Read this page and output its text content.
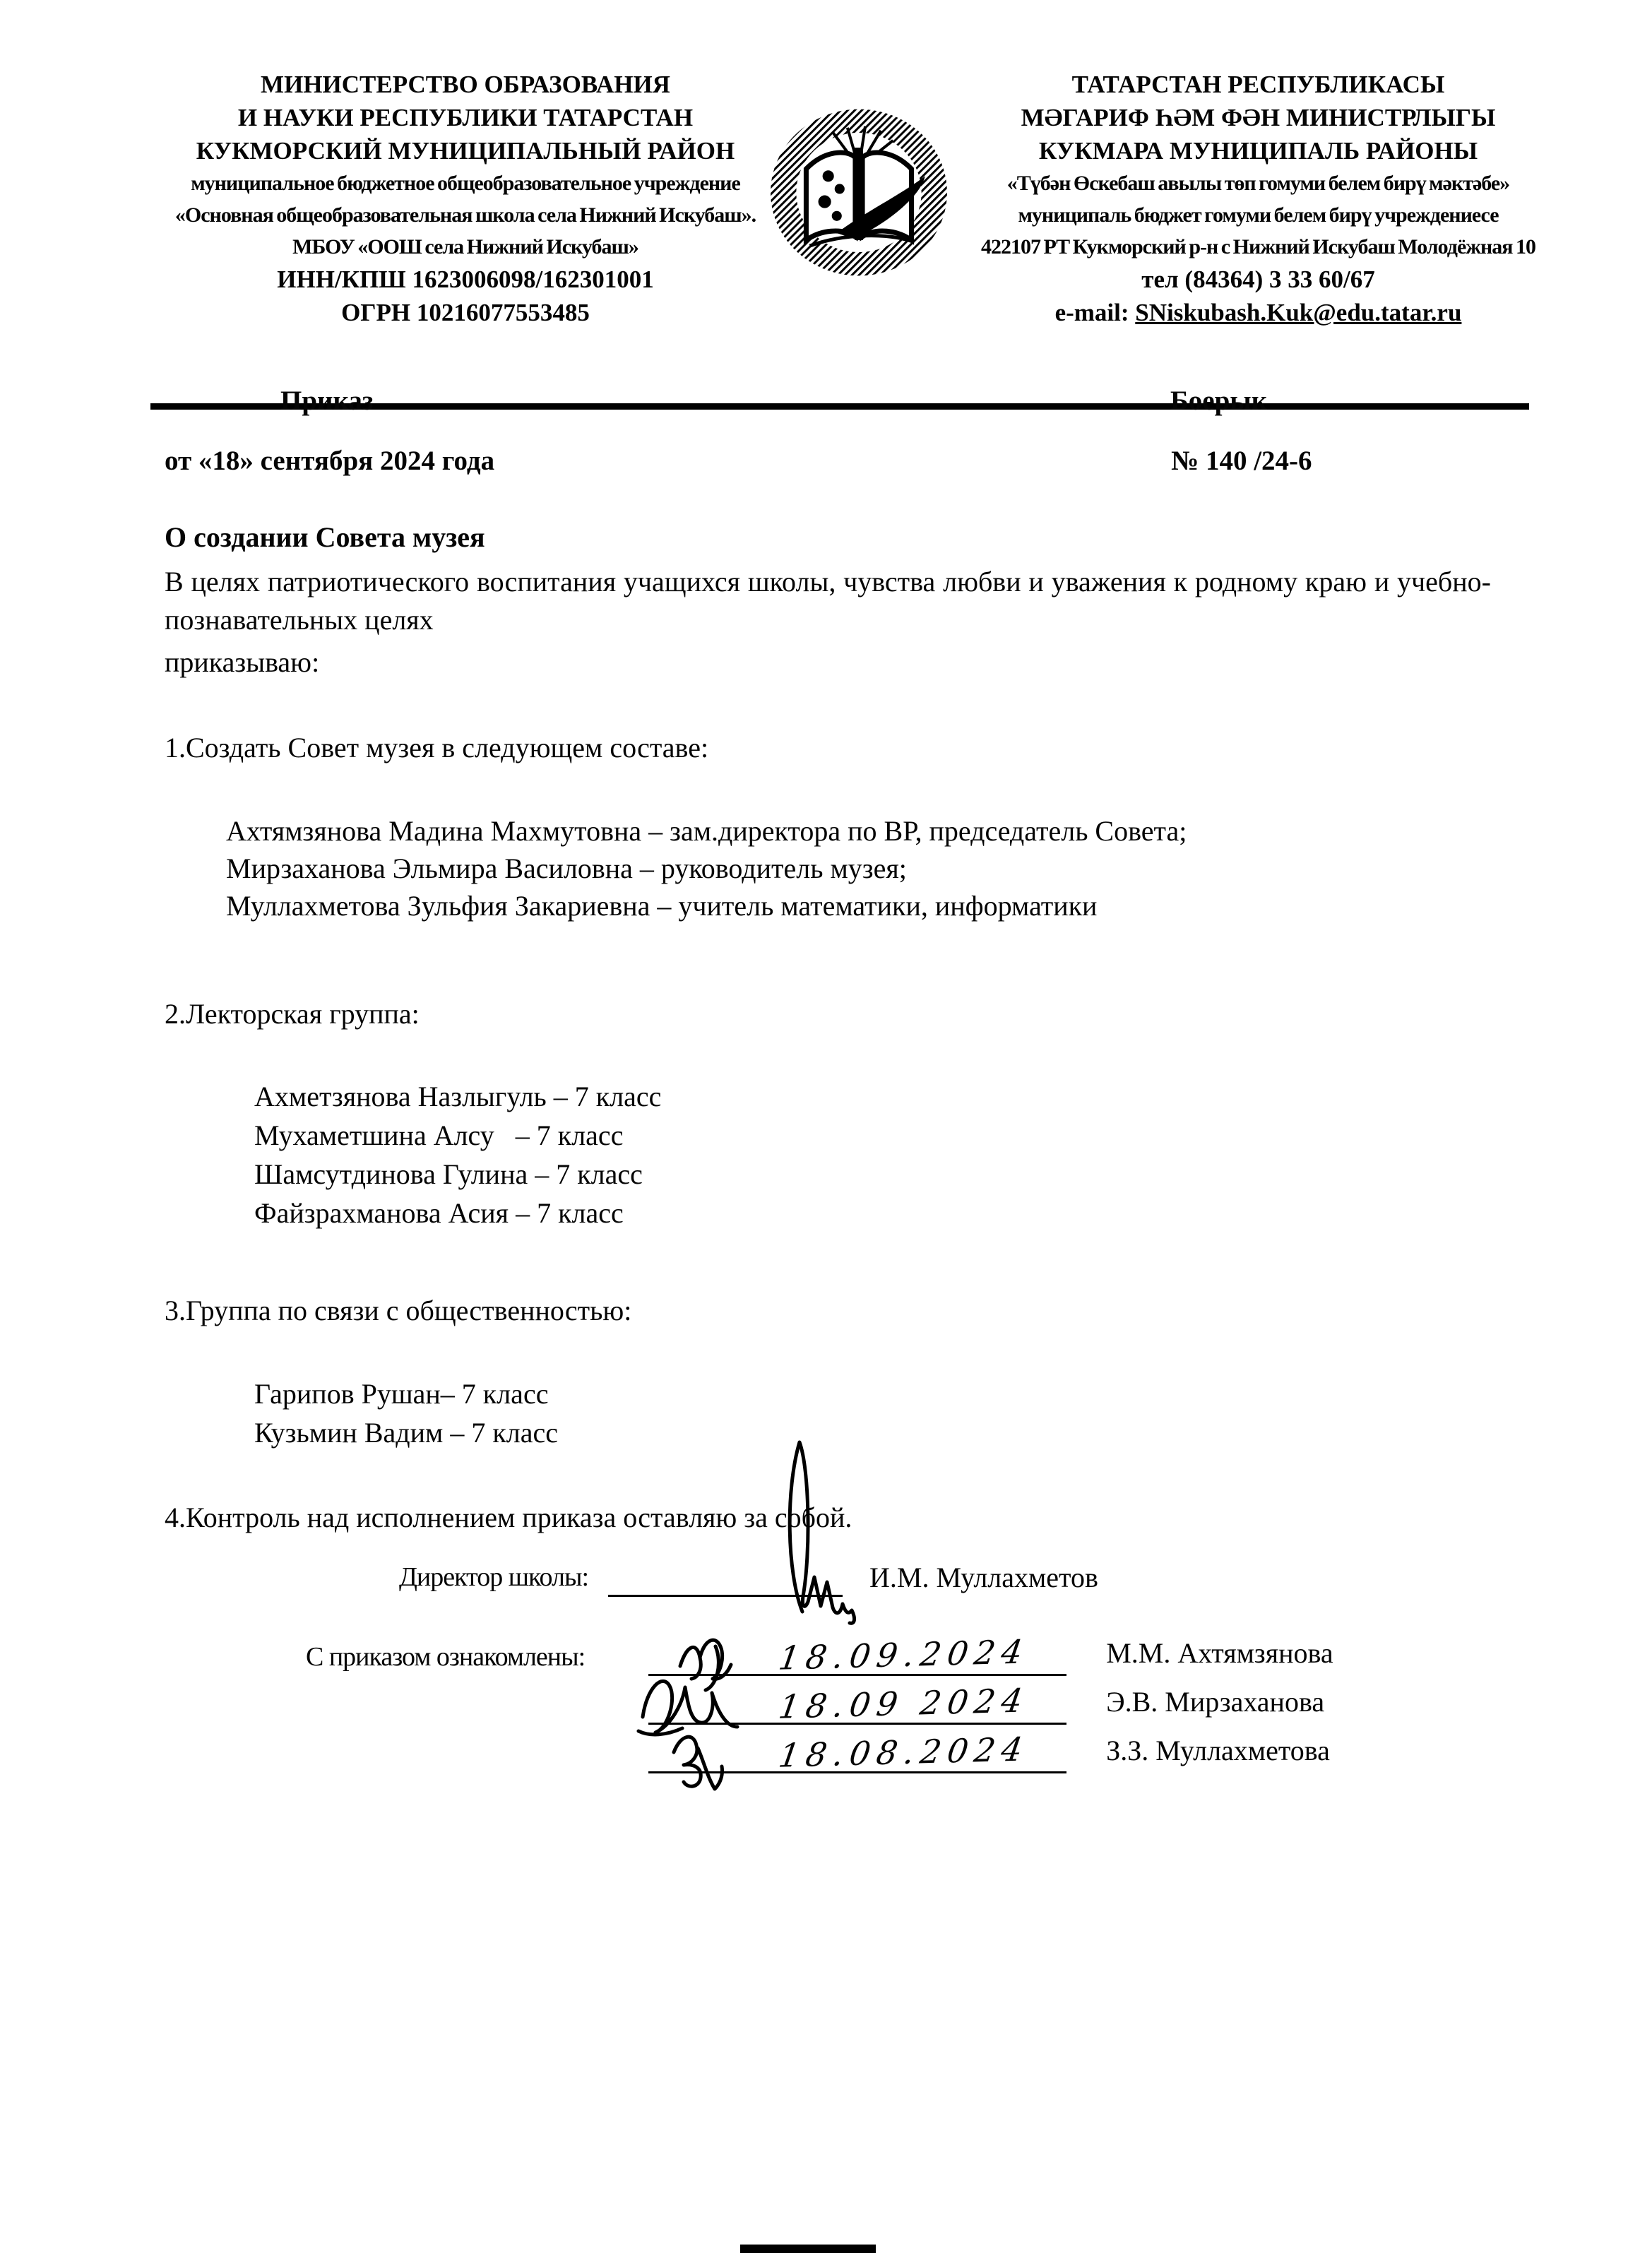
МИНИСТЕРСТВО ОБРАЗОВАНИЯ
И НАУКИ РЕСПУБЛИКИ ТАТАРСТАН
КУКМОРСКИЙ МУНИЦИПАЛЬНЫЙ РАЙОН
муниципальное бюджетное общеобразовательное учреждение
«Основная общеобразовательная школа села Нижний Искубаш».
МБОУ «ООШ села Нижний Искубаш»
ИНН/КПШ 1623006098/162301001
ОГРН 10216077553485
ТАТАРСТАН РЕСПУБЛИКАСЫ
МӘГАРИФ ҺӘМ ФӘН МИНИСТРЛЫГЫ
КУКМАРА МУНИЦИПАЛЬ РАЙОНЫ
«Түбән Өскебаш авылы төп гомуми белем бирү мәктәбе»
муниципаль бюджет гомуми белем бирү учреждениесе
422107 РТ Кукморский р-н с Нижний Искубаш Молодёжная 10
тел (84364) 3 33 60/67
e-mail: SNiskubash.Kuk@edu.tatar.ru
Приказ	Боерык
от «18» сентября 2024 года	№ 140 /24-6

О создании Совета музея

В целях патриотического воспитания учащихся школы, чувства любви и уважения к родному краю и учебно-познавательных целях

приказываю:

1.Создать Совет музея в следующем составе:

Ахтямзянова Мадина Махмутовна – зам.директора по ВР, председатель Совета;
Мирзаханова Эльмира Василовна – руководитель музея;
Муллахметова Зульфия Закариевна – учитель математики, информатики

2.Лекторская группа:

Ахметзянова Назлыгуль – 7 класс
Мухаметшина Алсу   – 7 класс
Шамсутдинова Гулина – 7 класс
Файзрахманова Асия – 7 класс

3.Группа по связи с общественностью:

Гарипов Рушан– 7 класс
Кузьмин Вадим – 7 класс

4.Контроль над исполнением приказа оставляю за собой.

Директор школы:	И.М. Муллахметов
С приказом ознакомлены:	18.09.2024	М.М. Ахтямзянова
18.09 2024	Э.В. Мирзаханова
18.08.2024	З.З. Муллахметова
